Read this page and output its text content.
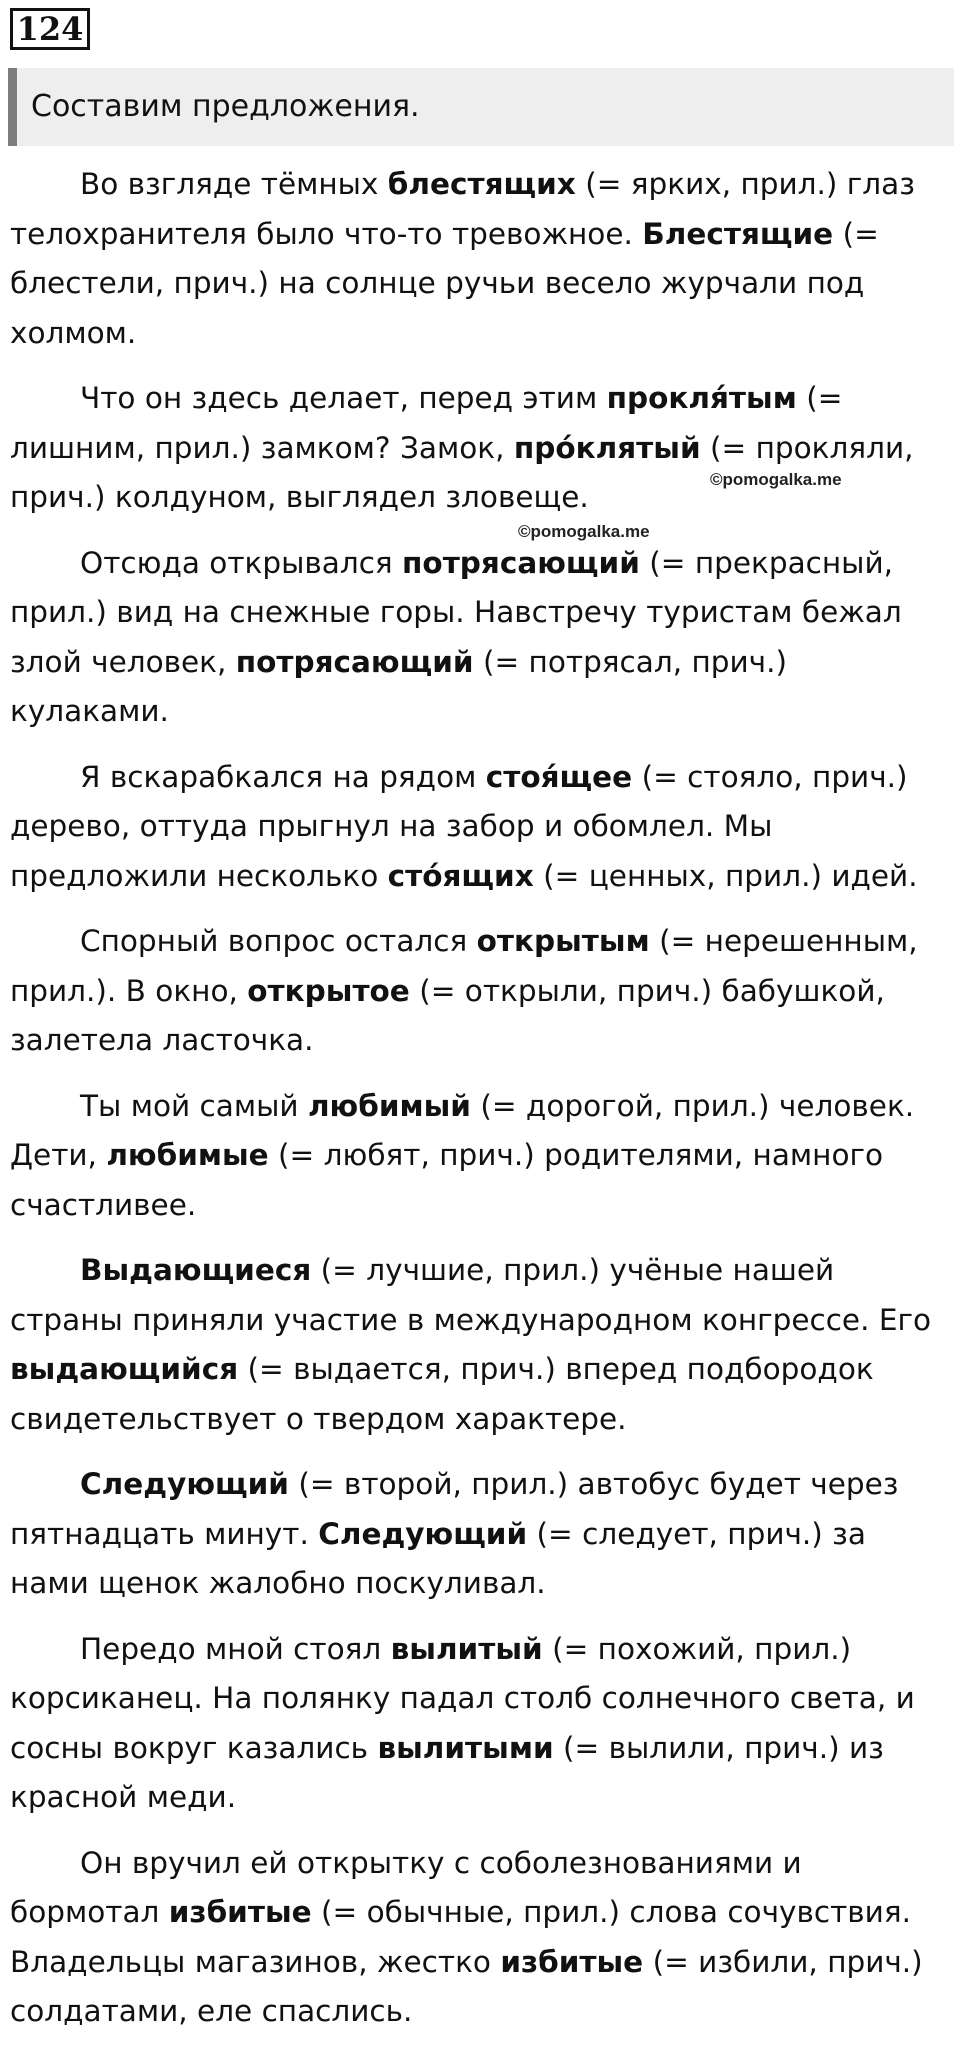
124
Составим предложения.

Во взгляде тёмных блестящих (= ярких, прил.) глаз телохранителя было что-то тревожное. Блестящие (= блестели, прич.) на солнце ручьи весело журчали под холмом.

Что он здесь делает, перед этим прокля́тым (= лишним, прил.) замком? Замок, про́клятый (= прокляли, прич.) колдуном, выглядел зловеще.

Отсюда открывался потрясающий (= прекрасный, прил.) вид на снежные горы. Навстречу туристам бежал злой человек, потрясающий (= потрясал, прич.) кулаками.

Я вскарабкался на рядом стоя́щее (= стояло, прич.) дерево, оттуда прыгнул на забор и обомлел. Мы предложили несколько сто́ящих (= ценных, прил.) идей.

Спорный вопрос остался открытым (= нерешенным, прил.). В окно, открытое (= открыли, прич.) бабушкой, залетела ласточка.

Ты мой самый любимый (= дорогой, прил.) человек. Дети, любимые (= любят, прич.) родителями, намного счастливее.

Выдающиеся (= лучшие, прил.) учёные нашей страны приняли участие в международном конгрессе. Его выдающийся (= выдается, прич.) вперед подбородок свидетельствует о твердом характере.

Следующий (= второй, прил.) автобус будет через пятнадцать минут. Следующий (= следует, прич.) за нами щенок жалобно поскуливал.

Передо мной стоял вылитый (= похожий, прил.) корсиканец. На полянку падал столб солнечного света, и сосны вокруг казались вылитыми (= вылили, прич.) из красной меди.

Он вручил ей открытку с соболезнованиями и бормотал избитые (= обычные, прил.) слова сочувствия. Владельцы магазинов, жестко избитые (= избили, прич.) солдатами, еле спаслись.

©pomogalka.me
©pomogalka.me
